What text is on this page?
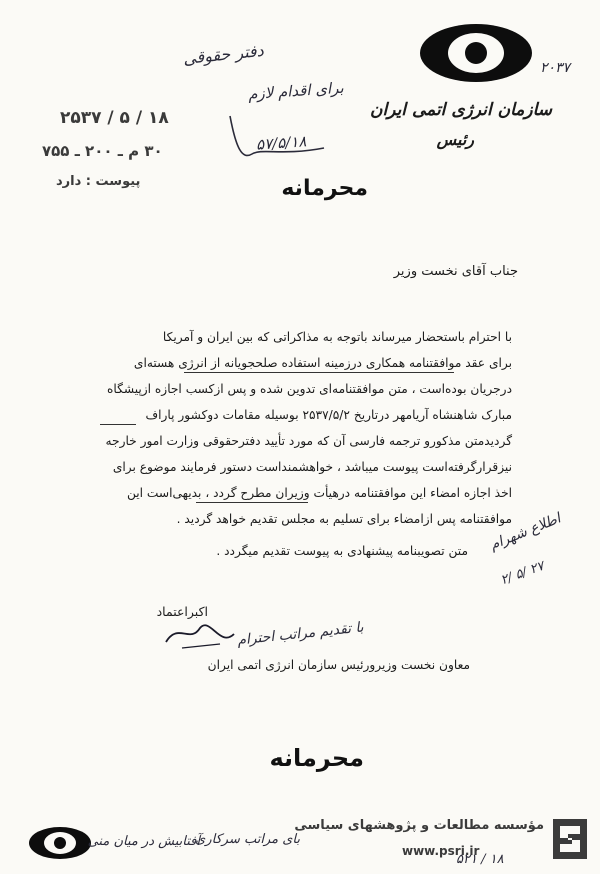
۲۰۳۷
سازمان انرژی اتمی ایران
رئیس
دفتر حقوقی
برای اقدام لازم
۵۷/۵/۱۸
۲۵۳۷ / ۵ / ۱۸
۳۰ م ـ ۲۰۰ ـ ۷۵۵
پیوست : دارد	محرمانه
جناب آقای نخست وزیر
با احترام باستحضار میرساند باتوجه به مذاکراتی که بین ایران و آمریکا
برای عقد موافقتنامه همکاری درزمینه استفاده صلحجویانه از انرژی هسته‌ای
درجریان بوده‌است ، متن موافقتنامه‌ای تدوین شده و پس ازکسب اجازه ازپیشگاه
مبارک شاهنشاه آریامهر درتاریخ ۲۵۳۷/۵/۲ بوسیله مقامات دوکشور پاراف
گردیدمتن مذکورو ترجمه فارسی آن که مورد تأیید دفترحقوقی وزارت امور خارجه
نیزقرارگرفته‌است پیوست میباشد ، خواهشمنداست دستور فرمایند موضوع برای
اخذ اجازه امضاء این موافقتنامه درهیأت وزیران مطرح گردد ، بدیهی‌است این
موافقتنامه پس ازامضاء برای تسلیم به مجلس تقدیم خواهد گردید .
متن تصویبنامه پیشنهادی به پیوست تقدیم میگردد . اطلاع شهرام
۲/ ۵/ ۲۷
اکبراعتماد
با تقدیم مراتب احترام
معاون نخست وزیرورئیس سازمان انرژی اتمی ایران
محرمانه
آفتابیش در میان منی
بای مراتب سرکاری
مؤسسه مطالعات و پژوهشهای سیاسی
www.psri.ir
۵۲۱ / ۱۸
